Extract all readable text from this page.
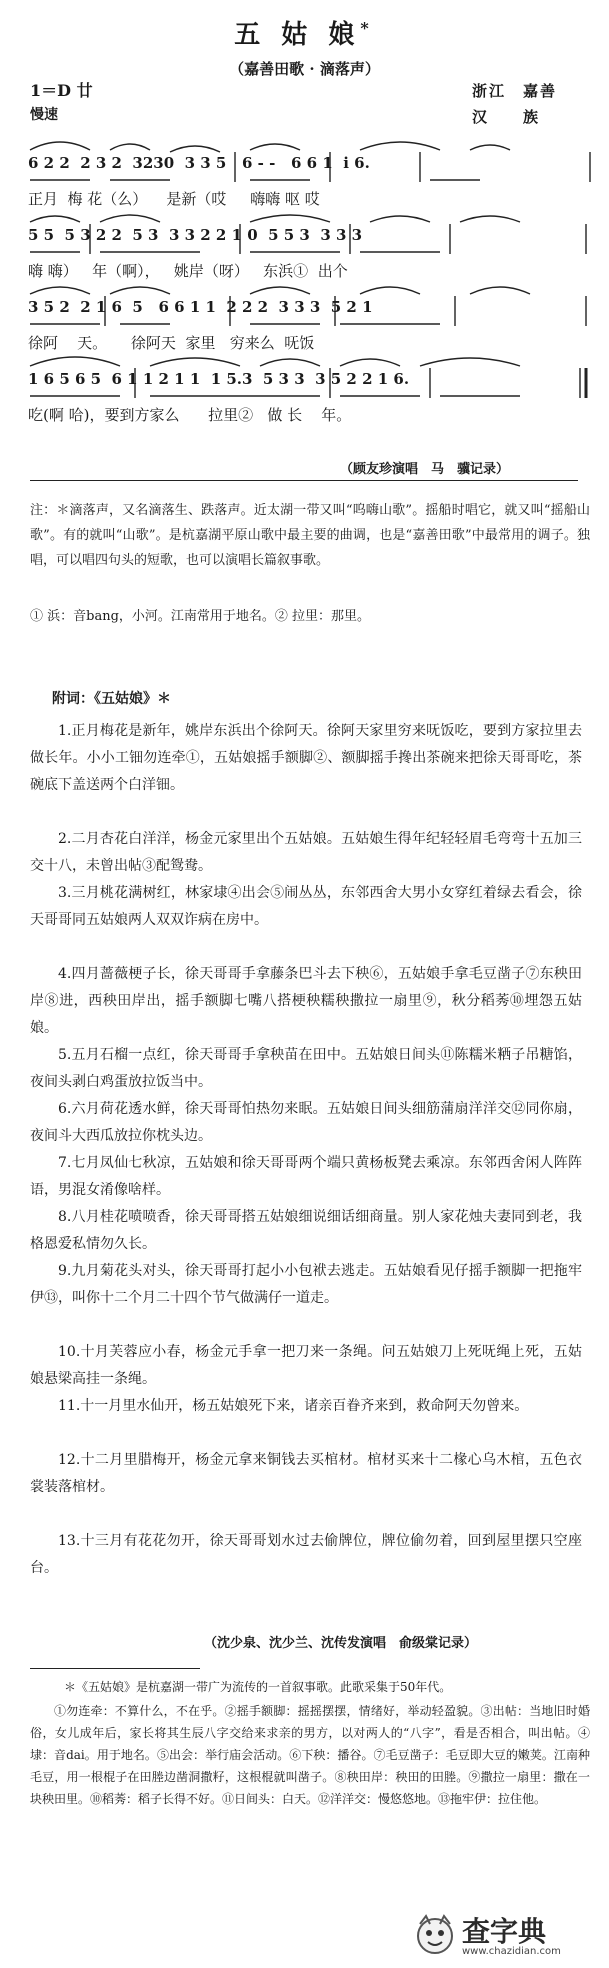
五 姑 娘*
（嘉善田歌 · 滴落声）
1＝D 廿
慢速
浙江　嘉善
汉　　族
6 2 2  2 3 2  3230  3 3 5   6 - -   6 6 1  i 6.
正月  梅 花（么）    是新（哎     嗨嗨 呕 哎
5 5  5 3 2 2  5 3  3 3 2 2 1 0  5 5 3  3 3 3
嗨 嗨）   年（啊），   姚岸（呀）   东浜①  出个
3 5 2  2 1 6  5   6 6 1 1  2 2 2  3 3 3  5 2 1
徐阿    天。     徐阿天  家里   穷来么  呒饭
1 6 5 6 5  6 1 1 2 1 1  1 5.3  5 3 3  3 5 2 2 1 6.
吃(啊 哈)，要到方家么      拉里②   做 长    年。
（顾友珍演唱　马　骥记录）
注：＊滴落声，又名滴落生、跌落声。近太湖一带又叫“呜嗨山歌”。摇船时唱它，就又叫“摇船山歌”。有的就叫“山歌”。是杭嘉湖平原山歌中最主要的曲调，也是“嘉善田歌”中最常用的调子。独唱，可以唱四句头的短歌，也可以演唱长篇叙事歌。
① 浜：音bang，小河。江南常用于地名。② 拉里：那里。
附词：《五姑娘》＊
1.正月梅花是新年，姚岸东浜出个徐阿天。徐阿天家里穷来呒饭吃，要到方家拉里去做长年。小小工钿勿连牵①，五姑娘摇手额脚②、额脚摇手搀出茶碗来把徐天哥哥吃，茶碗底下盖送两个白洋钿。
2.二月杏花白洋洋，杨金元家里出个五姑娘。五姑娘生得年纪轻轻眉毛弯弯十五加三交十八，未曾出帖③配鸳鸯。
3.三月桃花满树红，林家埭④出会⑤闹丛丛，东邻西舍大男小女穿红着绿去看会，徐天哥哥同五姑娘两人双双诈病在房中。
4.四月蔷薇梗子长，徐天哥哥手拿藤条巴斗去下秧⑥，五姑娘手拿毛豆凿子⑦东秧田岸⑧进，西秧田岸出，摇手额脚七嘴八搭梗秧糯秧撒拉一扇里⑨，秋分稻莠⑩埋怨五姑娘。
5.五月石榴一点红，徐天哥哥手拿秧苗在田中。五姑娘日间头⑪陈糯米粞子吊糖馅，夜间头剥白鸡蛋放拉饭当中。
6.六月荷花透水鲜，徐天哥哥怕热勿来眠。五姑娘日间头细筋蒲扇洋洋交⑫同你扇，夜间斗大西瓜放拉你枕头边。
7.七月凤仙七秋凉，五姑娘和徐天哥哥两个端只黄杨板凳去乘凉。东邻西舍闲人阵阵语，男混女淆像啥样。
8.八月桂花喷喷香，徐天哥哥搭五姑娘细说细话细商量。别人家花烛夫妻同到老，我格恩爱私情勿久长。
9.九月菊花头对头，徐天哥哥打起小小包袱去逃走。五姑娘看见仔摇手额脚一把拖牢伊⑬，叫你十二个月二十四个节气做满仔一道走。
10.十月芙蓉应小春，杨金元手拿一把刀来一条绳。问五姑娘刀上死呒绳上死，五姑娘悬梁高挂一条绳。
11.十一月里水仙开，杨五姑娘死下来，诸亲百眷齐来到，救命阿天勿曾来。
12.十二月里腊梅开，杨金元拿来铜钱去买棺材。棺材买来十二椽心乌木棺，五色衣裳装落棺材。
13.十三月有花花勿开，徐天哥哥划水过去偷牌位，牌位偷勿着，回到屋里摆只空座台。
（沈少泉、沈少兰、沈传发演唱　俞级棠记录）
＊《五姑娘》是杭嘉湖一带广为流传的一首叙事歌。此歌采集于50年代。
①勿连牵：不算什么，不在乎。②摇手额脚：摇摇摆摆，情绪好，举动轻盈貌。③出帖：当地旧时婚俗，女儿成年后，家长将其生辰八字交给来求亲的男方，以对两人的“八字”，看是否相合，叫出帖。④埭：音dai。用于地名。⑤出会：举行庙会活动。⑥下秧：播谷。⑦毛豆凿子：毛豆即大豆的嫩荚。江南种毛豆，用一根棍子在田塍边凿洞撒籽，这根棍就叫凿子。⑧秧田岸：秧田的田塍。⑨撒拉一扇里：撒在一块秧田里。⑩稻莠：稻子长得不好。⑪日间头：白天。⑫洋洋交：慢悠悠地。⑬拖牢伊：拉住他。
查字典
www.chazidian.com
